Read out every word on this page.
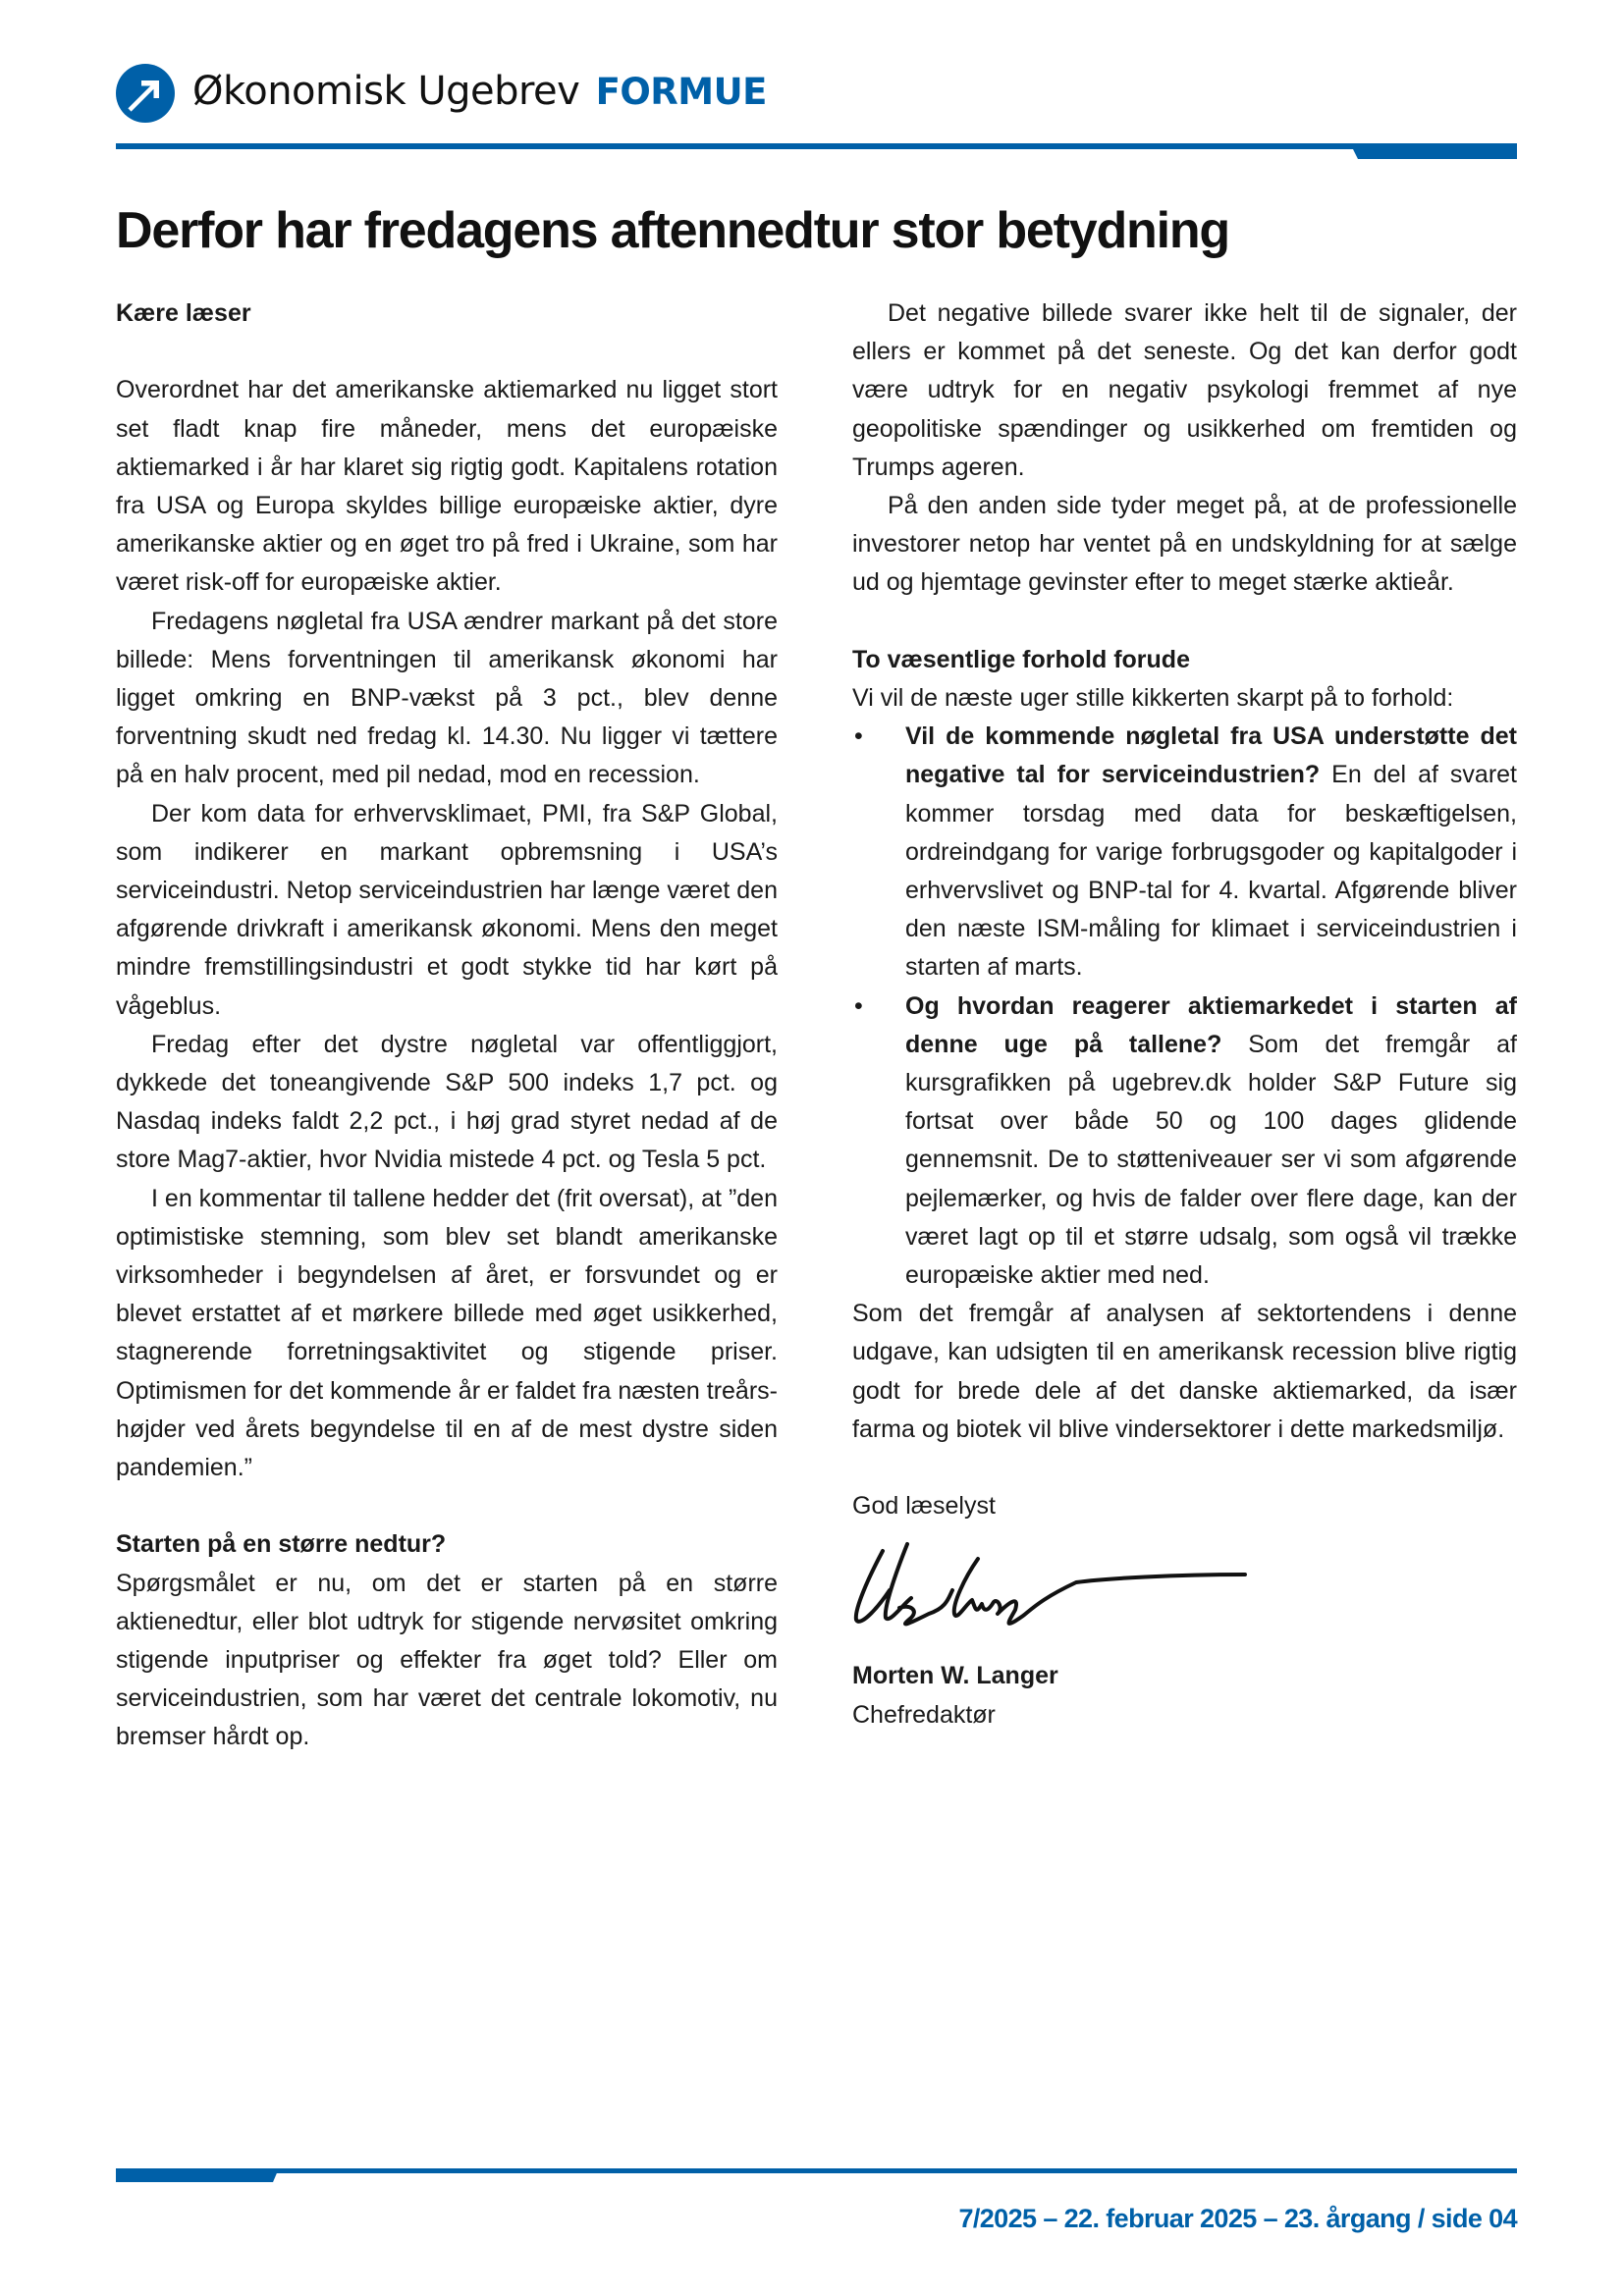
Økonomisk Ugebrev FORMUE
Derfor har fredagens aftennedtur stor betydning

Kære læser

Overordnet har det amerikanske aktiemarked nu ligget stort set fladt knap fire måneder, mens det europæiske aktiemarked i år har klaret sig rigtig godt. Kapitalens rotation fra USA og Europa skyldes billige europæiske aktier, dyre amerikanske aktier og en øget tro på fred i Ukraine, som har været risk-off for europæiske aktier.

Fredagens nøgletal fra USA ændrer markant på det store billede: Mens forventningen til amerikansk økonomi har ligget omkring en BNP-vækst på 3 pct., blev denne forventning skudt ned fredag kl. 14.30. Nu ligger vi tættere på en halv procent, med pil nedad, mod en recession.

Der kom data for erhvervsklimaet, PMI, fra S&P Global, som indikerer en markant opbremsning i USA’s serviceindustri. Netop serviceindustrien har længe været den afgørende drivkraft i amerikansk økonomi. Mens den meget mindre fremstillingsindustri et godt stykke tid har kørt på vågeblus.

Fredag efter det dystre nøgletal var offentliggjort, dykkede det toneangivende S&P 500 indeks 1,7 pct. og Nasdaq indeks faldt 2,2 pct., i høj grad styret nedad af de store Mag7-aktier, hvor Nvidia mistede 4 pct. og Tesla 5 pct.

I en kommentar til tallene hedder det (frit oversat), at ”den optimistiske stemning, som blev set blandt amerikanske virksomheder i begyndelsen af året, er forsvundet og er blevet erstattet af et mørkere billede med øget usikkerhed, stagnerende forretningsaktivitet og stigende priser. Optimismen for det kommende år er faldet fra næsten treårs-højder ved årets begyndelse til en af de mest dystre siden pandemien.”

Starten på en større nedtur?

Spørgsmålet er nu, om det er starten på en større aktienedtur, eller blot udtryk for stigende nervøsitet omkring stigende inputpriser og effekter fra øget told? Eller om serviceindustrien, som har været det centrale lokomotiv, nu bremser hårdt op.

Det negative billede svarer ikke helt til de signaler, der ellers er kommet på det seneste. Og det kan derfor godt være udtryk for en negativ psykologi fremmet af nye geopolitiske spændinger og usikkerhed om fremtiden og Trumps ageren.

På den anden side tyder meget på, at de professionelle investorer netop har ventet på en undskyldning for at sælge ud og hjemtage gevinster efter to meget stærke aktieår.

To væsentlige forhold forude

Vi vil de næste uger stille kikkerten skarpt på to forhold:

• Vil de kommende nøgletal fra USA understøtte det negative tal for serviceindustrien? En del af svaret kommer torsdag med data for beskæftigelsen, ordreindgang for varige forbrugsgoder og kapitalgoder i erhvervslivet og BNP-tal for 4. kvartal. Afgørende bliver den næste ISM-måling for klimaet i serviceindustrien i starten af marts.
• Og hvordan reagerer aktiemarkedet i starten af denne uge på tallene? Som det fremgår af kursgrafikken på ugebrev.dk holder S&P Future sig fortsat over både 50 og 100 dages glidende gennemsnit. De to støtteniveauer ser vi som afgørende pejlemærker, og hvis de falder over flere dage, kan der været lagt op til et større udsalg, som også vil trække europæiske aktier med ned.

Som det fremgår af analysen af sektortendens i denne udgave, kan udsigten til en amerikansk recession blive rigtig godt for brede dele af det danske aktiemarked, da især farma og biotek vil blive vindersektorer i dette markedsmiljø.

God læselyst

Morten W. Langer

Chefredaktør

7/2025 – 22. februar 2025 – 23. årgang / side 04
